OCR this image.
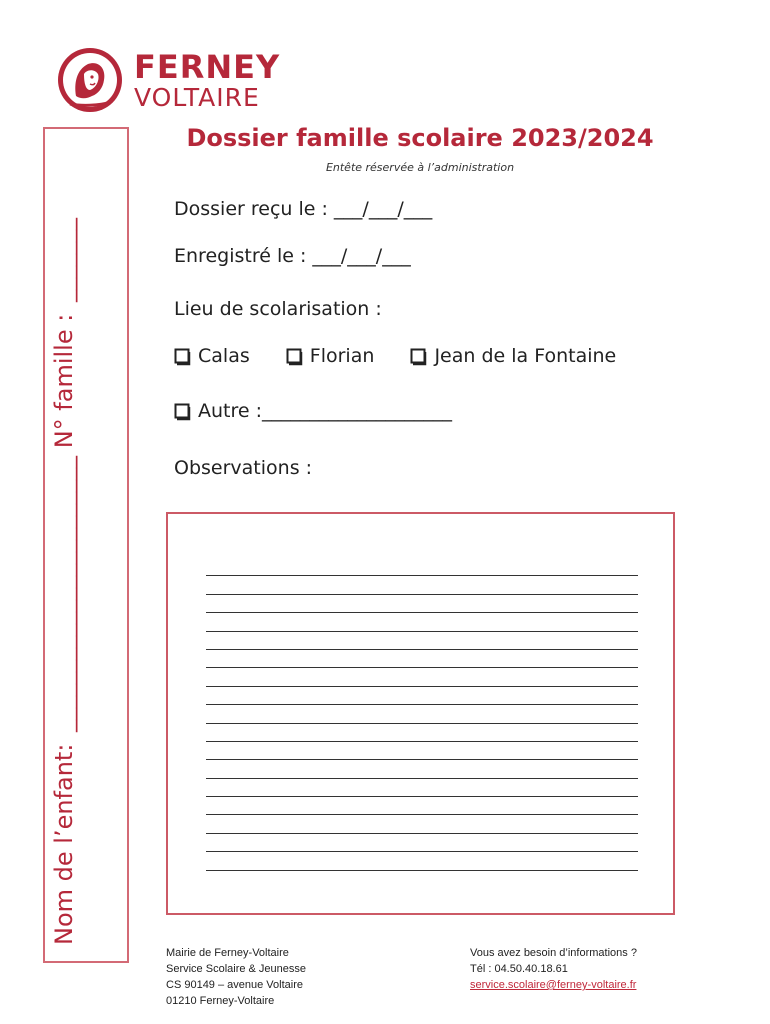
FERNEY
VOLTAIRE
Nom de l’enfant: _______________________ N° famille : _______
Dossier famille scolaire 2023/2024
Entête réservée à l’administration
Dossier reçu le : ___/___/___
Enregistré le : ___/___/___
Lieu de scolarisation :
Calas	Florian	Jean de la Fontaine
Autre :____________________
Observations :
Mairie de Ferney-Voltaire
Service Scolaire & Jeunesse
CS 90149 – avenue Voltaire
01210 Ferney-Voltaire
Vous avez besoin d’informations ?
Tél : 04.50.40.18.61
service.scolaire@ferney-voltaire.fr
